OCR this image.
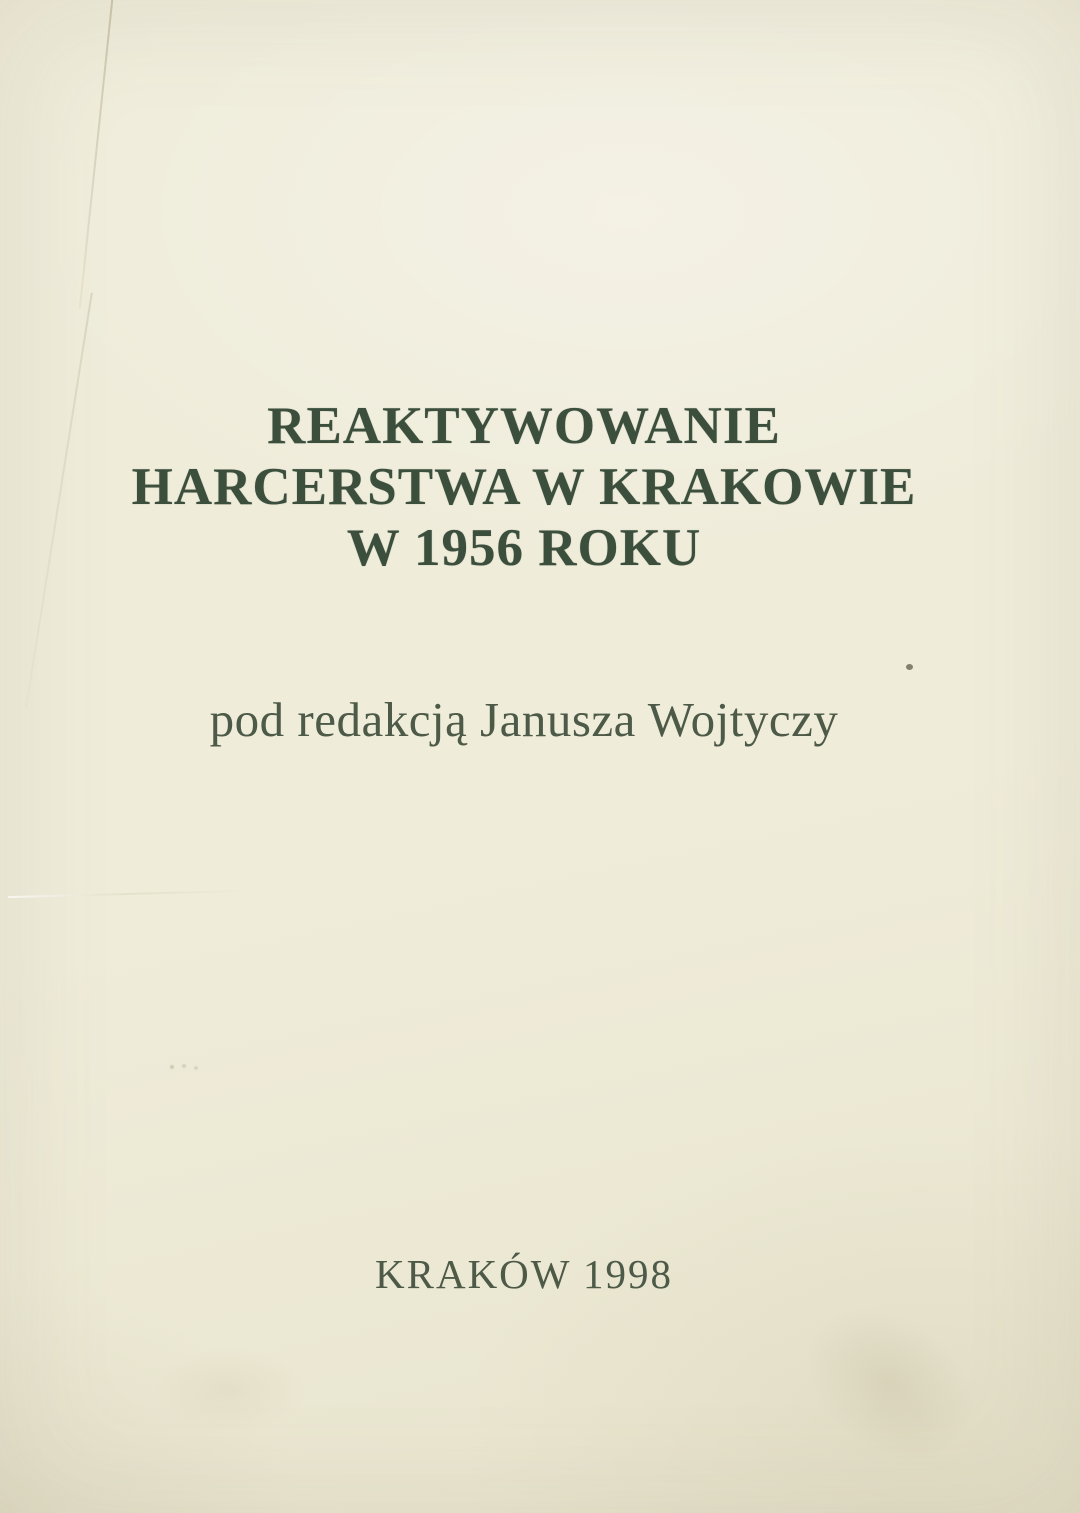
REAKTYWOWANIE
HARCERSTWA W KRAKOWIE
W 1956 ROKU
pod redakcją Janusza Wojtyczy
KRAKÓW 1998
